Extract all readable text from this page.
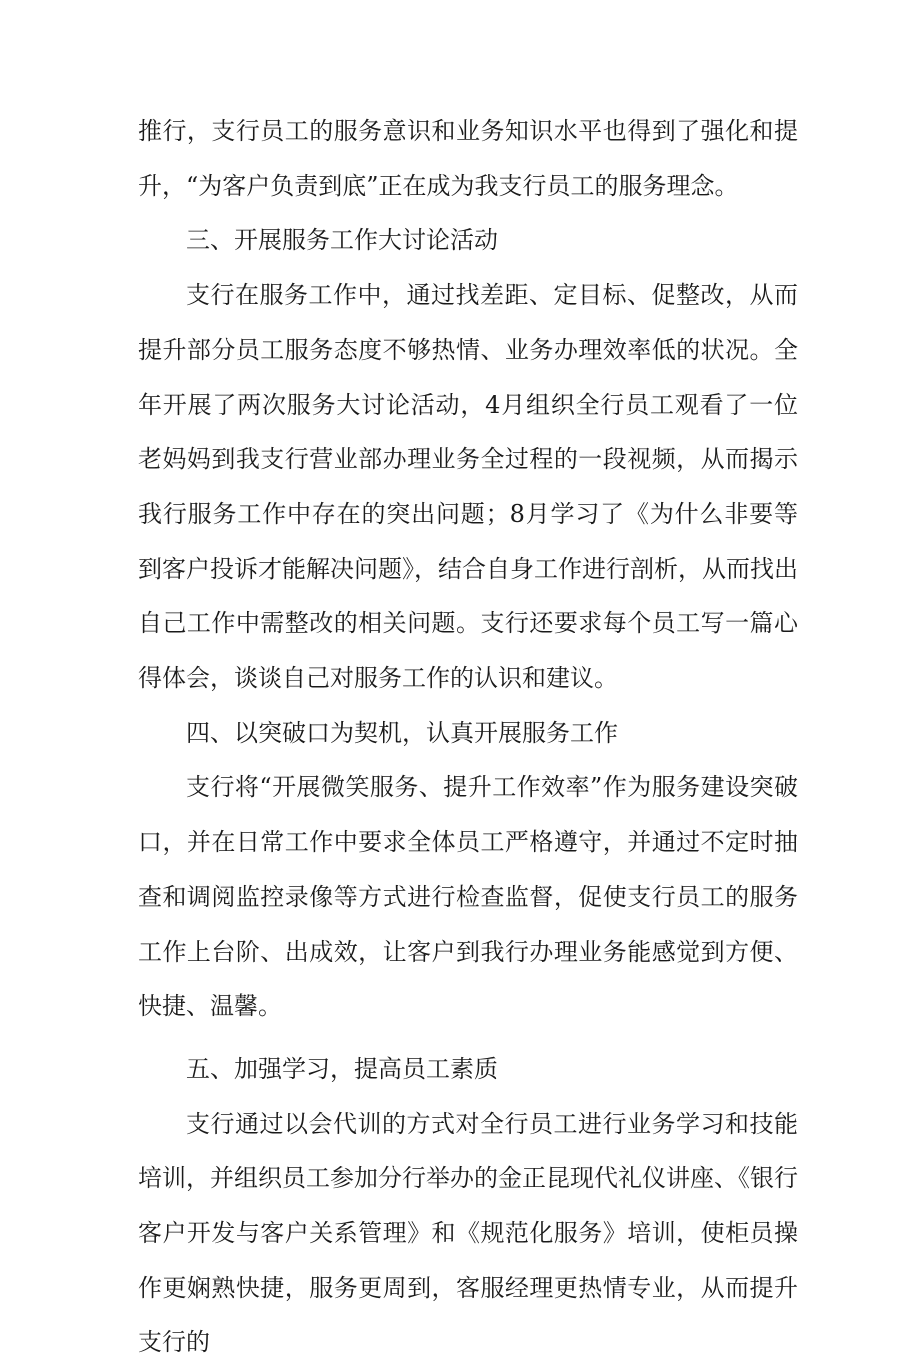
推行，支行员工的服务意识和业务知识水平也得到了强化和提升，“为客户负责到底”正在成为我支行员工的服务理念。

三、开展服务工作大讨论活动

支行在服务工作中，通过找差距、定目标、促整改，从而提升部分员工服务态度不够热情、业务办理效率低的状况。全年开展了两次服务大讨论活动，4月组织全行员工观看了一位老妈妈到我支行营业部办理业务全过程的一段视频，从而揭示我行服务工作中存在的突出问题；8月学习了《为什么非要等到客户投诉才能解决问题》，结合自身工作进行剖析，从而找出自己工作中需整改的相关问题。支行还要求每个员工写一篇心得体会，谈谈自己对服务工作的认识和建议。

四、以突破口为契机，认真开展服务工作

支行将“开展微笑服务、提升工作效率”作为服务建设突破口，并在日常工作中要求全体员工严格遵守，并通过不定时抽查和调阅监控录像等方式进行检查监督，促使支行员工的服务工作上台阶、出成效，让客户到我行办理业务能感觉到方便、快捷、温馨。

五、加强学习，提高员工素质

支行通过以会代训的方式对全行员工进行业务学习和技能培训，并组织员工参加分行举办的金正昆现代礼仪讲座、《银行客户开发与客户关系管理》和《规范化服务》培训，使柜员操作更娴熟快捷，服务更周到，客服经理更热情专业，从而提升支行的
